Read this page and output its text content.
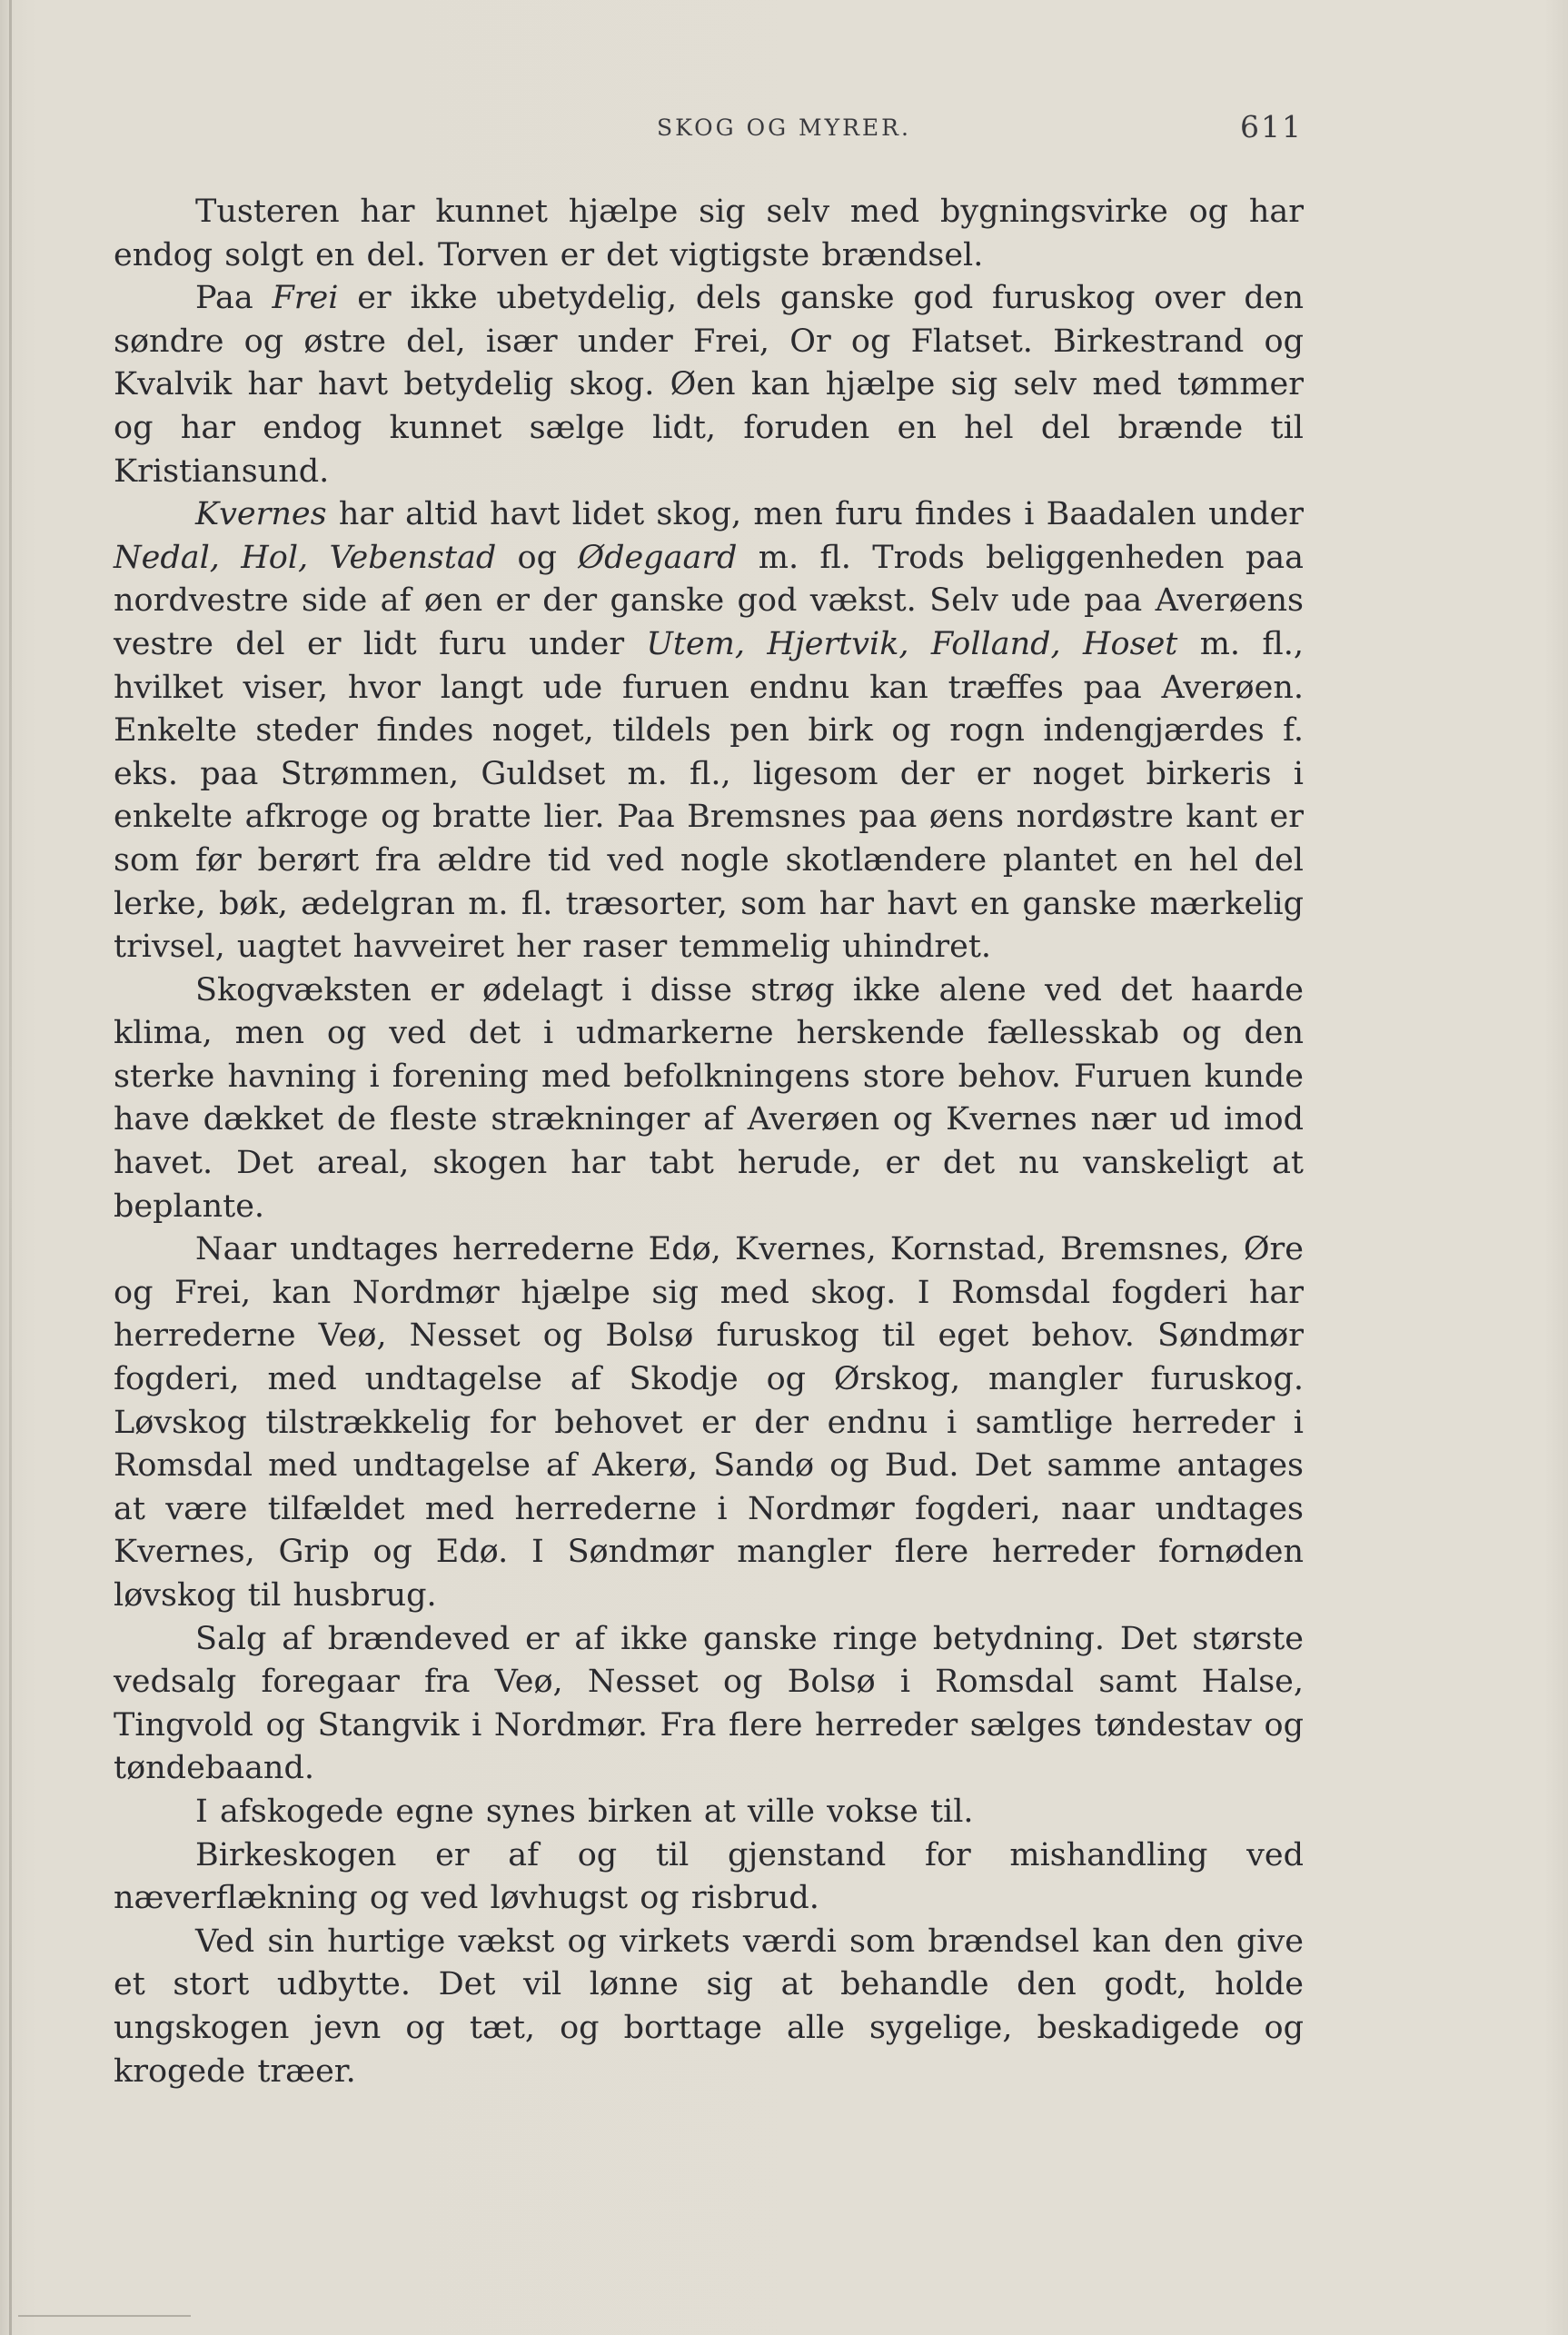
SKOG OG MYRER.	611

Tusteren har kunnet hjælpe sig selv med bygningsvirke og har endog solgt en del. Torven er det vigtigste brændsel.

Paa Frei er ikke ubetydelig, dels ganske god furuskog over den søndre og østre del, især under Frei, Or og Flatset. Birkestrand og Kvalvik har havt betydelig skog. Øen kan hjælpe sig selv med tømmer og har endog kunnet sælge lidt, foruden en hel del brænde til Kristiansund.

Kvernes har altid havt lidet skog, men furu findes i Baadalen under Nedal, Hol, Vebenstad og Ødegaard m. fl. Trods beliggenheden paa nordvestre side af øen er der ganske god vækst. Selv ude paa Averøens vestre del er lidt furu under Utem, Hjertvik, Folland, Hoset m. fl., hvilket viser, hvor langt ude furuen endnu kan træffes paa Averøen. Enkelte steder findes noget, tildels pen birk og rogn indengjærdes f. eks. paa Strømmen, Guldset m. fl., ligesom der er noget birkeris i enkelte afkroge og bratte lier. Paa Bremsnes paa øens nordøstre kant er som før berørt fra ældre tid ved nogle skotlændere plantet en hel del lerke, bøk, ædelgran m. fl. træsorter, som har havt en ganske mærkelig trivsel, uagtet havveiret her raser temmelig uhindret.

Skogvæksten er ødelagt i disse strøg ikke alene ved det haarde klima, men og ved det i udmarkerne herskende fællesskab og den sterke havning i forening med befolkningens store behov. Furuen kunde have dækket de fleste strækninger af Averøen og Kvernes nær ud imod havet. Det areal, skogen har tabt herude, er det nu vanskeligt at beplante.

Naar undtages herrederne Edø, Kvernes, Kornstad, Bremsnes, Øre og Frei, kan Nordmør hjælpe sig med skog. I Romsdal fogderi har herrederne Veø, Nesset og Bolsø furuskog til eget behov. Søndmør fogderi, med undtagelse af Skodje og Ørskog, mangler furuskog. Løvskog tilstrækkelig for behovet er der endnu i samtlige herreder i Romsdal med undtagelse af Akerø, Sandø og Bud. Det samme antages at være tilfældet med herrederne i Nordmør fogderi, naar undtages Kvernes, Grip og Edø. I Søndmør mangler flere herreder fornøden løvskog til husbrug.

Salg af brændeved er af ikke ganske ringe betydning. Det største vedsalg foregaar fra Veø, Nesset og Bolsø i Romsdal samt Halse, Tingvold og Stangvik i Nordmør. Fra flere herreder sælges tøndestav og tøndebaand.

I afskogede egne synes birken at ville vokse til.

Birkeskogen er af og til gjenstand for mishandling ved næverflækning og ved løvhugst og risbrud.

Ved sin hurtige vækst og virkets værdi som brændsel kan den give et stort udbytte. Det vil lønne sig at behandle den godt, holde ungskogen jevn og tæt, og borttage alle sygelige, beskadigede og krogede træer.
